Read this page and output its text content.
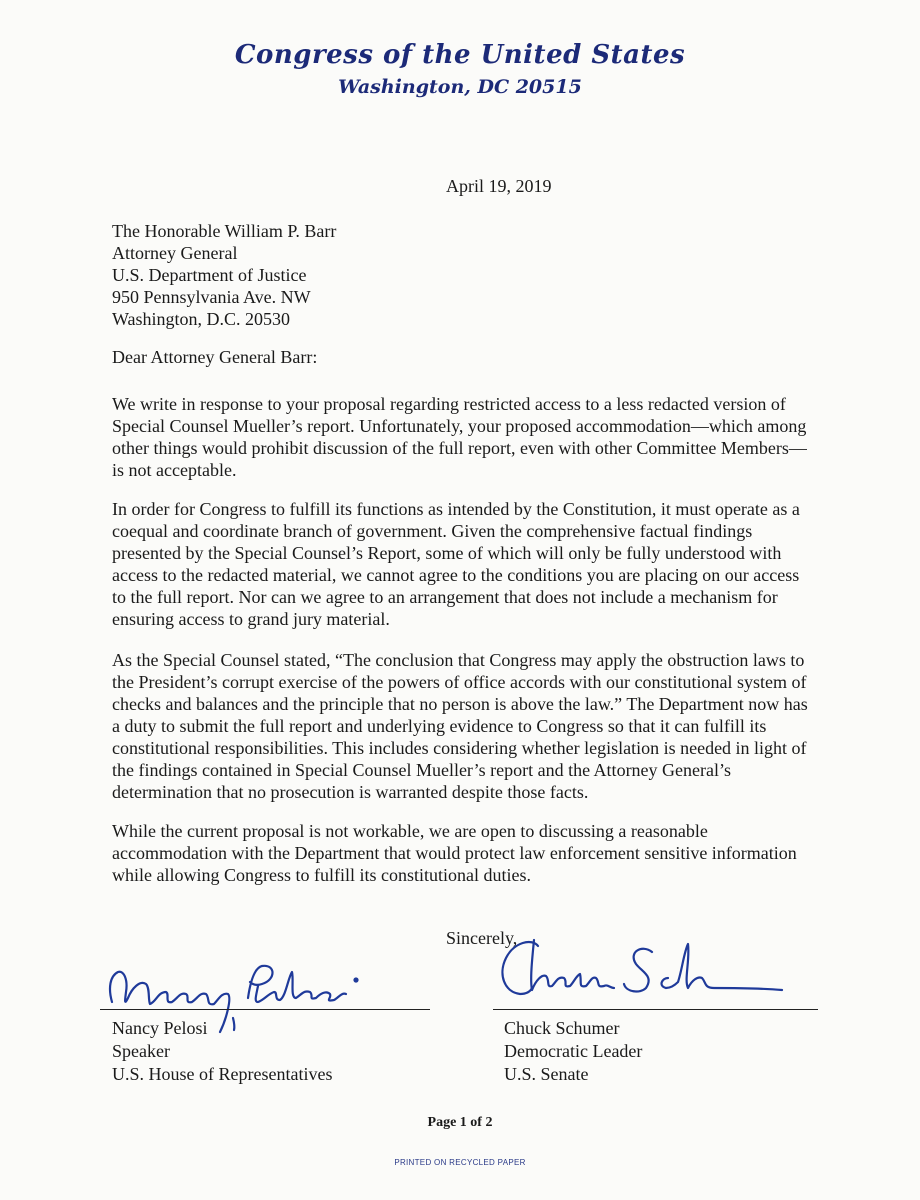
Congress of the United States
Washington, DC 20515
April 19, 2019
The Honorable William P. Barr
Attorney General
U.S. Department of Justice
950 Pennsylvania Ave. NW
Washington, D.C. 20530
Dear Attorney General Barr:
We write in response to your proposal regarding restricted access to a less redacted version of
Special Counsel Mueller’s report. Unfortunately, your proposed accommodation—which among
other things would prohibit discussion of the full report, even with other Committee Members—
is not acceptable.
In order for Congress to fulfill its functions as intended by the Constitution, it must operate as a
coequal and coordinate branch of government. Given the comprehensive factual findings
presented by the Special Counsel’s Report, some of which will only be fully understood with
access to the redacted material, we cannot agree to the conditions you are placing on our access
to the full report. Nor can we agree to an arrangement that does not include a mechanism for
ensuring access to grand jury material.
As the Special Counsel stated, “The conclusion that Congress may apply the obstruction laws to
the President’s corrupt exercise of the powers of office accords with our constitutional system of
checks and balances and the principle that no person is above the law.” The Department now has
a duty to submit the full report and underlying evidence to Congress so that it can fulfill its
constitutional responsibilities. This includes considering whether legislation is needed in light of
the findings contained in Special Counsel Mueller’s report and the Attorney General’s
determination that no prosecution is warranted despite those facts.
While the current proposal is not workable, we are open to discussing a reasonable
accommodation with the Department that would protect law enforcement sensitive information
while allowing Congress to fulfill its constitutional duties.
Sincerely,
Nancy Pelosi
Speaker
U.S. House of Representatives
Chuck Schumer
Democratic Leader
U.S. Senate
Page 1 of 2
PRINTED ON RECYCLED PAPER
